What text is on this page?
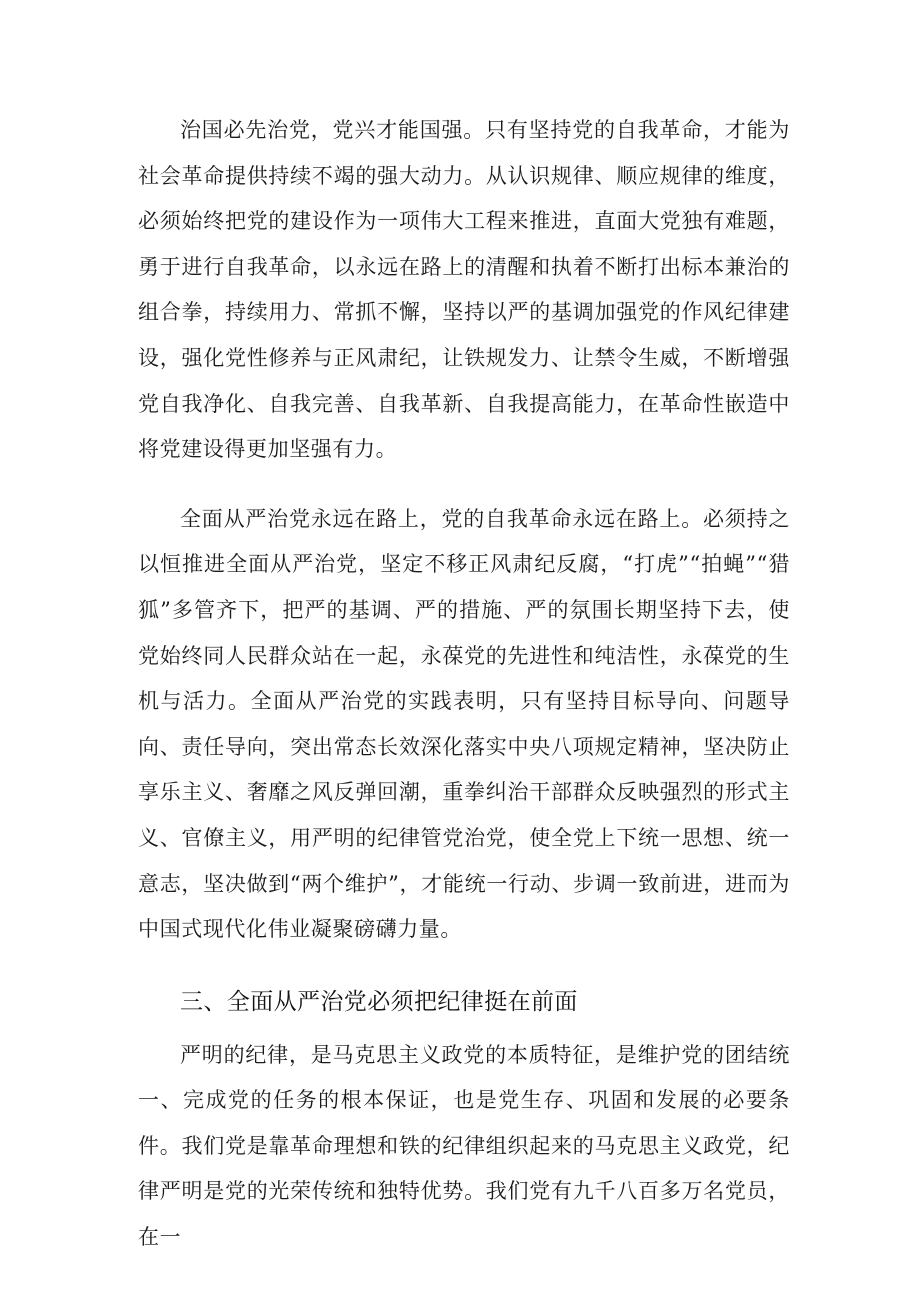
治国必先治党，党兴才能国强。只有坚持党的自我革命，才能为社会革命提供持续不竭的强大动力。从认识规律、顺应规律的维度，必须始终把党的建设作为一项伟大工程来推进，直面大党独有难题，勇于进行自我革命，以永远在路上的清醒和执着不断打出标本兼治的组合拳，持续用力、常抓不懈，坚持以严的基调加强党的作风纪律建设，强化党性修养与正风肃纪，让铁规发力、让禁令生威，不断增强党自我净化、自我完善、自我革新、自我提高能力，在革命性嵌造中将党建设得更加坚强有力。

全面从严治党永远在路上，党的自我革命永远在路上。必须持之以恒推进全面从严治党，坚定不移正风肃纪反腐，“打虎”“拍蝇”“猎狐”多管齐下，把严的基调、严的措施、严的氛围长期坚持下去，使党始终同人民群众站在一起，永葆党的先进性和纯洁性，永葆党的生机与活力。全面从严治党的实践表明，只有坚持目标导向、问题导向、责任导向，突出常态长效深化落实中央八项规定精神，坚决防止享乐主义、奢靡之风反弹回潮，重拳纠治干部群众反映强烈的形式主义、官僚主义，用严明的纪律管党治党，使全党上下统一思想、统一意志，坚决做到“两个维护”，才能统一行动、步调一致前进，进而为中国式现代化伟业凝聚磅礴力量。

三、全面从严治党必须把纪律挺在前面

严明的纪律，是马克思主义政党的本质特征，是维护党的团结统一、完成党的任务的根本保证，也是党生存、巩固和发展的必要条件。我们党是靠革命理想和铁的纪律组织起来的马克思主义政党，纪律严明是党的光荣传统和独特优势。我们党有九千八百多万名党员，在一
